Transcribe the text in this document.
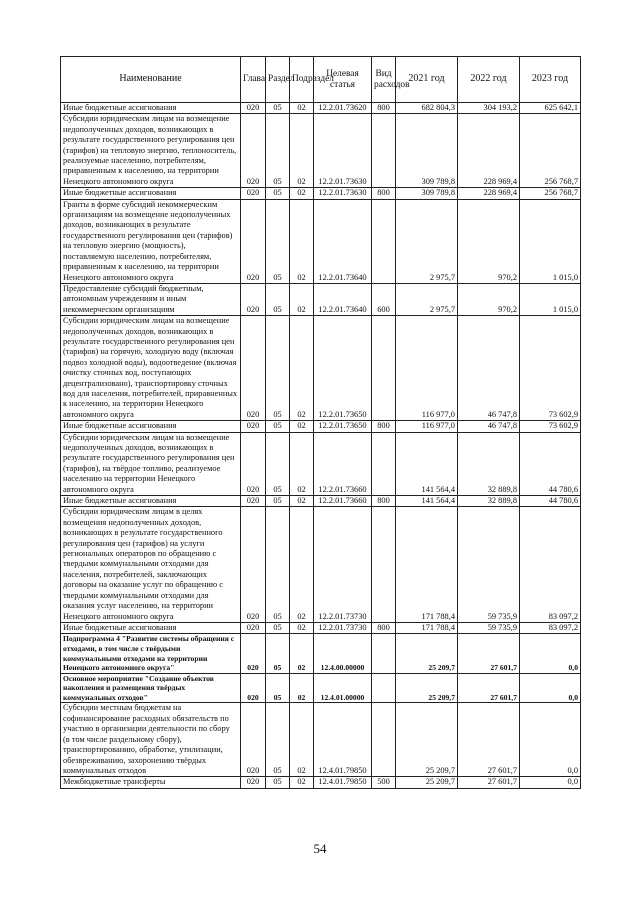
Наименование	Глава	Раздел	Подраздел	Целевая статья	Вид расходов	2021 год	2022 год	2023 год
Иные бюджетные ассигнования	020	05	02	12.2.01.73620	800	682 804,3	304 193,2	625 642,1
Субсидии юридическим лицам на возмещение недополученных доходов, возникающих в результате государственного регулирования цен (тарифов) на тепловую энергию, теплоноситель, реализуемые населению, потребителям, приравненным к населению, на территории Ненецкого автономного округа	020	05	02	12.2.01.73630		309 789,8	228 969,4	256 768,7
Иные бюджетные ассигнования	020	05	02	12.2.01.73630	800	309 789,8	228 969,4	256 768,7
Гранты в форме субсидий некоммерческим организациям на возмещение недополученных доходов, возникающих в результате государственного регулирования цен (тарифов) на тепловую энергию (мощность), поставляемую населению, потребителям, приравненным к населению, на территории Ненецкого автономного округа	020	05	02	12.2.01.73640		2 975,7	970,2	1 015,0
Предоставление субсидий бюджетным, автономным учреждениям и иным некоммерческим организациям	020	05	02	12.2.01.73640	600	2 975,7	970,2	1 015,0
Субсидии юридическим лицам на возмещение недополученных доходов, возникающих в результате государственного регулирования цен (тарифов) на горячую, холодную воду (включая подвоз холодной воды), водоотведение (включая очистку сточных вод, поступающих децентрализовано), транспортировку сточных вод для населения, потребителей, приравненных к населению, на территории Ненецкого автономного округа	020	05	02	12.2.01.73650		116 977,0	46 747,8	73 602,9
Иные бюджетные ассигнования	020	05	02	12.2.01.73650	800	116 977,0	46 747,8	73 602,9
Субсидии юридическим лицам на возмещение недополученных доходов, возникающих в результате государственного регулирования цен (тарифов), на твёрдое топливо, реализуемое населению на территории Ненецкого автономного округа	020	05	02	12.2.01.73660		141 564,4	32 889,8	44 780,6
Иные бюджетные ассигнования	020	05	02	12.2.01.73660	800	141 564,4	32 889,8	44 780,6
Субсидии юридическим лицам в целях возмещения недополученных доходов, возникающих в результате государственного регулирования цен (тарифов) на услуги региональных операторов по обращению с твердыми коммунальными отходами для населения, потребителей, заключающих договоры на оказание услуг по обращению с твердыми коммунальными отходами для оказания услуг населению, на территории Ненецкого автономного округа	020	05	02	12.2.01.73730		171 788,4	59 735,9	83 097,2
Иные бюджетные ассигнования	020	05	02	12.2.01.73730	800	171 788,4	59 735,9	83 097,2
Подпрограмма 4 "Развитие системы обращения с отходами, в том числе с твёрдыми коммунальными отходами на территории Ненецкого автономного округа"	020	05	02	12.4.00.00000		25 209,7	27 601,7	0,0
Основное мероприятие "Создание объектов накопления и размещения твёрдых коммунальных отходов"	020	05	02	12.4.01.00000		25 209,7	27 601,7	0,0
Субсидии местным бюджетам на софинансирование расходных обязательств по участию в организации деятельности по сбору (в том числе раздельному сбору), транспортированию, обработке, утилизации, обезвреживанию, захоронению твёрдых коммунальных отходов	020	05	02	12.4.01.79850		25 209,7	27 601,7	0,0
Межбюджетные трансферты	020	05	02	12.4.01.79850	500	25 209,7	27 601,7	0,0
54
